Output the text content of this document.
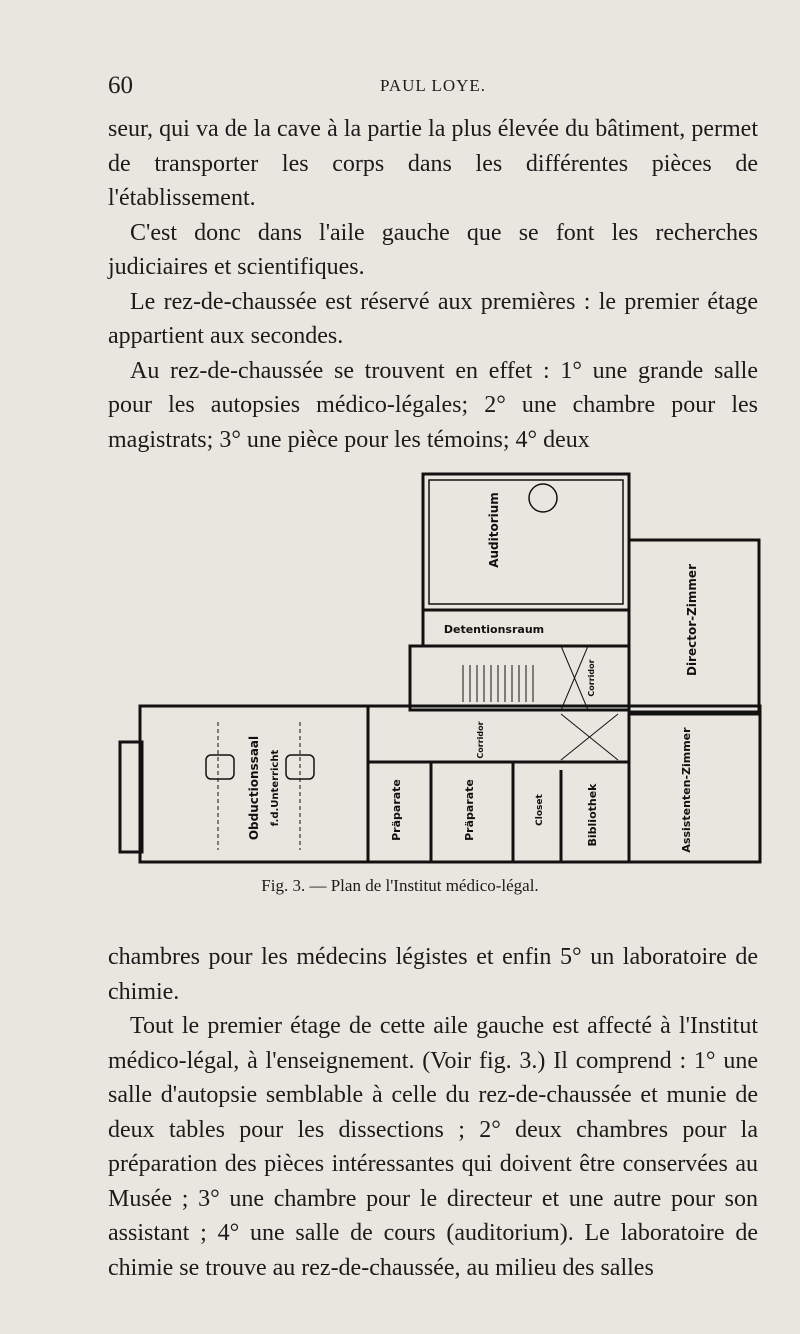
60	PAUL LOYE.

seur, qui va de la cave à la partie la plus élevée du bâtiment, permet de transporter les corps dans les différentes pièces de l'établissement.

C'est donc dans l'aile gauche que se font les recherches judiciaires et scientifiques.

Le rez-de-chaussée est réservé aux premières : le premier étage appartient aux secondes.

Au rez-de-chaussée se trouvent en effet : 1° une grande salle pour les autopsies médico-légales; 2° une chambre pour les magistrats; 3° une pièce pour les témoins; 4° deux

Auditorium
Detentionsraum	Director-Zimmer
Corridor
Corridor
Obductionssaal f.d.Unterricht	Präparate	Präparate	Closet	Bibliothek	Assistenten-Zimmer
Fig. 3. — Plan de l'Institut médico-légal.

chambres pour les médecins légistes et enfin 5° un laboratoire de chimie.

Tout le premier étage de cette aile gauche est affecté à l'Institut médico-légal, à l'enseignement. (Voir fig. 3.) Il comprend : 1° une salle d'autopsie semblable à celle du rez-de-chaussée et munie de deux tables pour les dissections ; 2° deux chambres pour la préparation des pièces intéressantes qui doivent être conservées au Musée ; 3° une chambre pour le directeur et une autre pour son assistant ; 4° une salle de cours (auditorium). Le laboratoire de chimie se trouve au rez-de-chaussée, au milieu des salles
